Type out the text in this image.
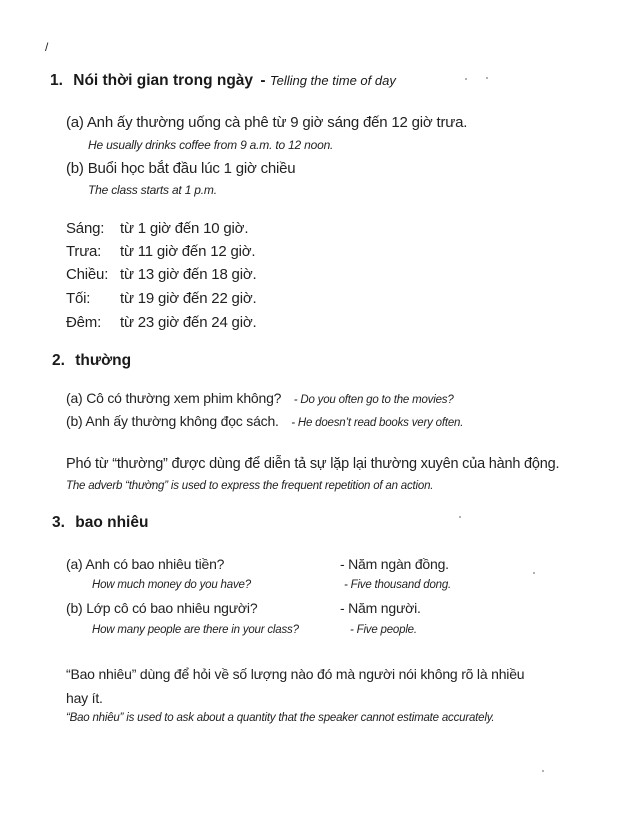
/
1. Nói thời gian trong ngày - Telling the time of day
(a) Anh ấy thường uống cà phê từ 9 giờ sáng đến 12 giờ trưa.
He usually drinks coffee from 9 a.m. to 12 noon.
(b) Buổi học bắt đầu lúc 1 giờ chiều
The class starts at 1 p.m.
Sáng: từ 1 giờ đến 10 giờ.
Trưa: từ 11 giờ đến 12 giờ.
Chiều: từ 13 giờ đến 18 giờ.
Tối: từ 19 giờ đến 22 giờ.
Đêm: từ 23 giờ đến 24 giờ.
2. thường
(a) Cô có thường xem phim không? - Do you often go to the movies?
(b) Anh ấy thường không đọc sách. - He doesn’t read books very often.
Phó từ “thường” được dùng để diễn tả sự lặp lại thường xuyên của hành động.
The adverb “thường” is used to express the frequent repetition of an action.
3. bao nhiêu
(a) Anh có bao nhiêu tiền?	- Năm ngàn đồng.
How much money do you have?	- Five thousand dong.
(b) Lớp cô có bao nhiêu người?	- Năm người.
How many people are there in your class?	- Five people.
“Bao nhiêu” dùng để hỏi về số lượng nào đó mà người nói không rõ là nhiều
hay ít.
“Bao nhiêu” is used to ask about a quantity that the speaker cannot estimate accurately.
